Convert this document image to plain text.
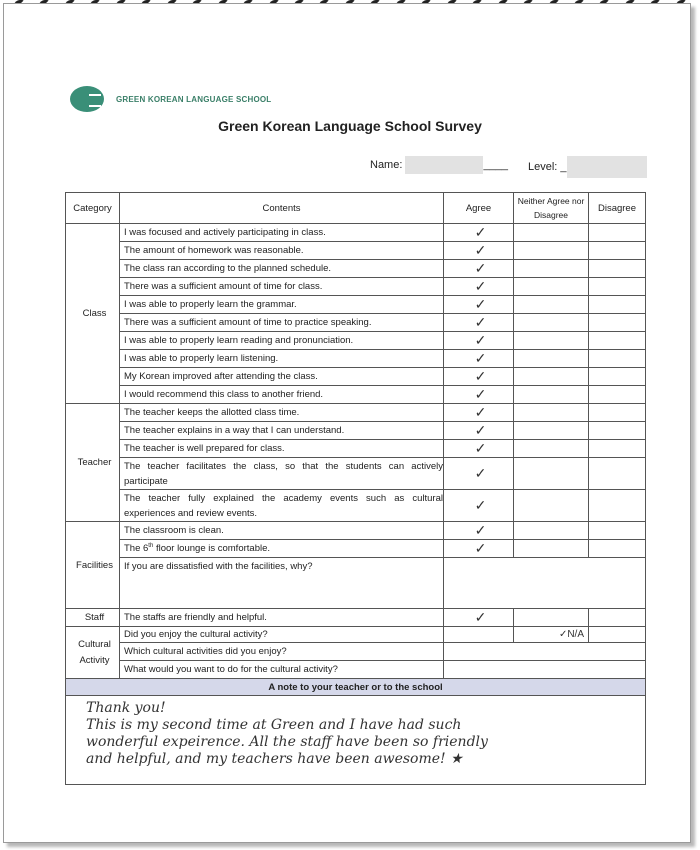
GREEN KOREAN LANGUAGE SCHOOL
Green Korean Language School Survey
Name:	____ Level: _
Category	Contents	Agree	Neither Agree nor Disagree	Disagree
Class	I was focused and actively participating in class.	✓		
	The amount of homework was reasonable.	✓		
	The class ran according to the planned schedule.	✓		
	There was a sufficient amount of time for class.	✓		
	I was able to properly learn the grammar.	✓		
	There was a sufficient amount of time to practice speaking.	✓		
	I was able to properly learn reading and pronunciation.	✓		
	I was able to properly learn listening.	✓		
	My Korean improved after attending the class.	✓		
	I would recommend this class to another friend.	✓		
Teacher	The teacher keeps the allotted class time.	✓		
	The teacher explains in a way that I can understand.	✓		
	The teacher is well prepared for class.	✓		
	The teacher facilitates the class, so that the students can actively participate	✓		
	The teacher fully explained the academy events such as cultural experiences and review events.	✓		
Facilities	The classroom is clean.	✓		
	The 6th floor lounge is comfortable.	✓		
	If you are dissatisfied with the facilities, why?			
Staff	The staffs are friendly and helpful.	✓		
Cultural Activity	Did you enjoy the cultural activity?		✓N/A	
	Which cultural activities did you enjoy?			
	What would you want to do for the cultural activity?			
A note to your teacher or to the school				

Thank you!
This is my second time at Green and I have had such
wonderful expeirence. All the staff have been so friendly
and helpful, and my teachers have been awesome! ★				
